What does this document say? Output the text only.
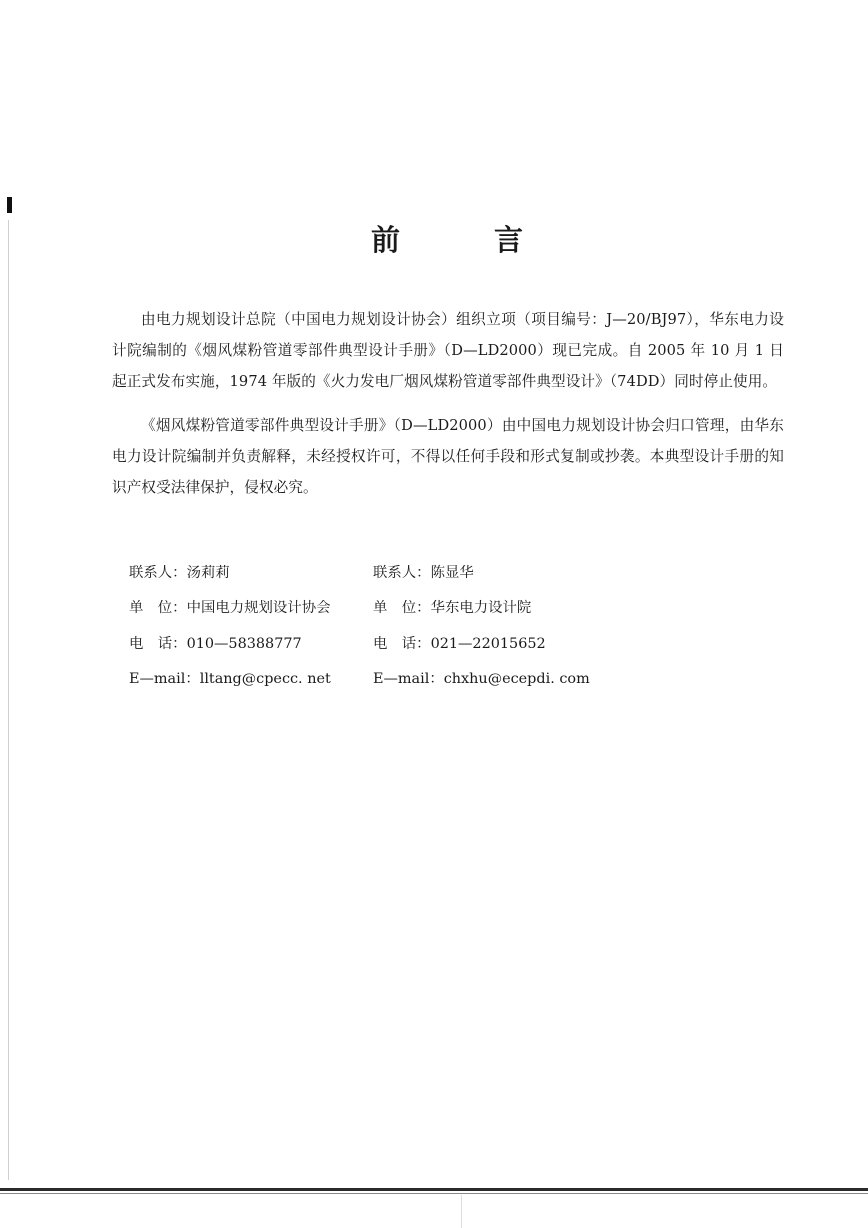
前	言

由电力规划设计总院（中国电力规划设计协会）组织立项（项目编号：J—20/BJ97），华东电力设计院编制的《烟风煤粉管道零部件典型设计手册》（D—LD2000）现已完成。自 2005 年 10 月 1 日起正式发布实施，1974 年版的《火力发电厂烟风煤粉管道零部件典型设计》（74DD）同时停止使用。

《烟风煤粉管道零部件典型设计手册》（D—LD2000）由中国电力规划设计协会归口管理，由华东电力设计院编制并负责解释，未经授权许可，不得以任何手段和形式复制或抄袭。本典型设计手册的知识产权受法律保护，侵权必究。

联系人：汤莉莉
单　位：中国电力规划设计协会
电　话：010—58388777
E—mail：lltang@cpecc. net
联系人：陈显华
单　位：华东电力设计院
电　话：021—22015652
E—mail：chxhu@ecepdi. com
